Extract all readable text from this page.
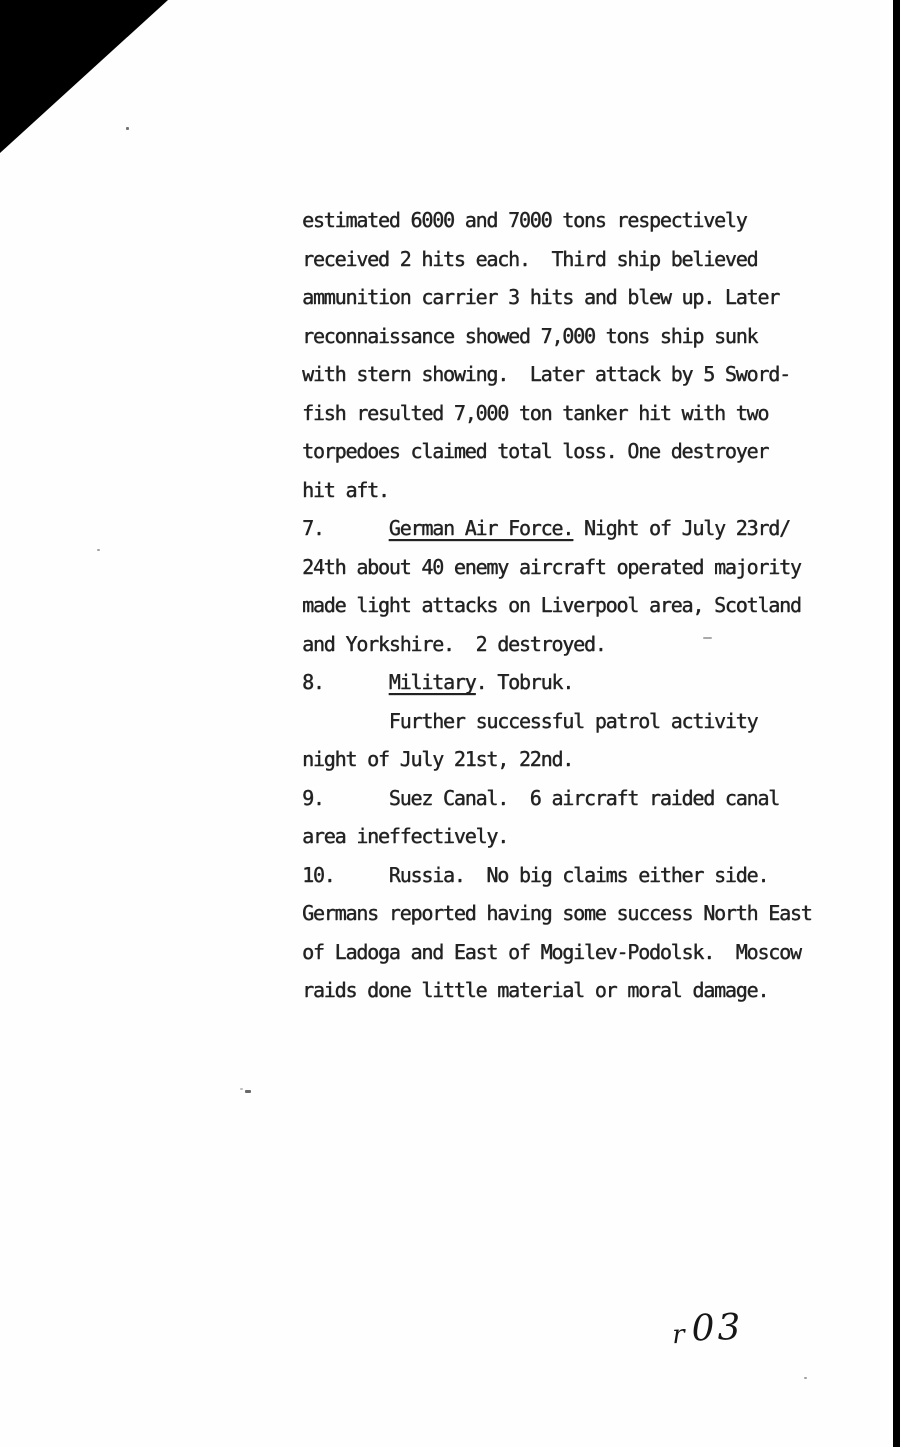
estimated 6000 and 7000 tons respectively
received 2 hits each.  Third ship believed
ammunition carrier 3 hits and blew up. Later
reconnaissance showed 7,000 tons ship sunk
with stern showing.  Later attack by 5 Sword-
fish resulted 7,000 ton tanker hit with two
torpedoes claimed total loss. One destroyer
hit aft.
7.      German Air Force. Night of July 23rd/
24th about 40 enemy aircraft operated majority
made light attacks on Liverpool area, Scotland
and Yorkshire.  2 destroyed.
8.      Military. Tobruk.
Further successful patrol activity
night of July 21st, 22nd.
9.      Suez Canal.  6 aircraft raided canal
area ineffectively.
10.     Russia.  No big claims either side.
Germans reported having some success North East
of Ladoga and East of Mogilev-Podolsk.  Moscow
raids done little material or moral damage.
r 03
